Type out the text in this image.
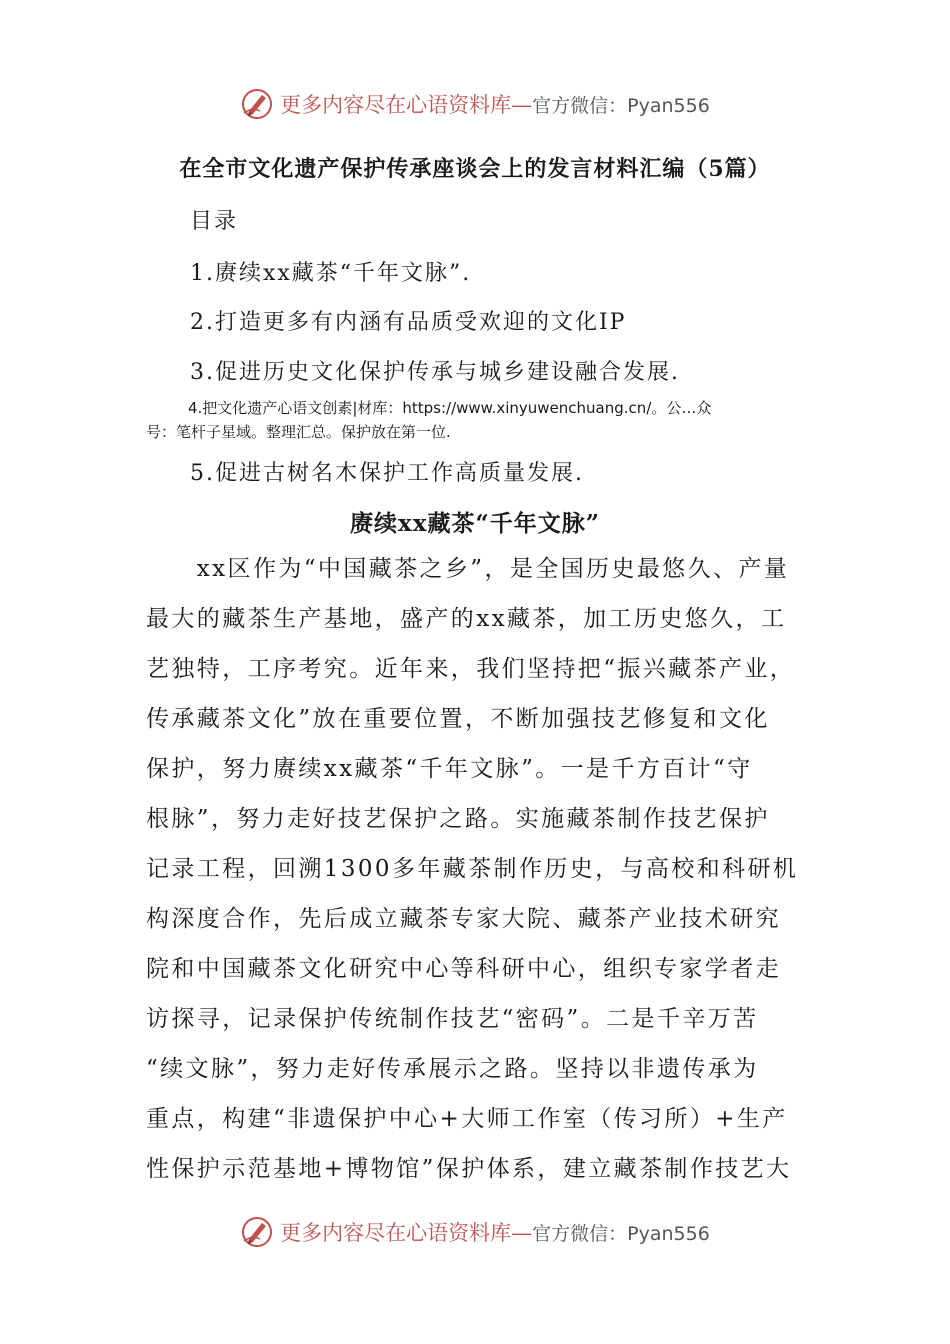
更多内容尽在心语资料库—官方微信：Pyan556
在全市文化遗产保护传承座谈会上的发言材料汇编（5篇）
目录
1.赓续xx藏茶“千年文脉”.
2.打造更多有内涵有品质受欢迎的文化IP
3.促进历史文化保护传承与城乡建设融合发展.
4.把文化遗产心语文创素|材库：https://www.xinyuwenchuang.cn/。公…众
号：笔杆子星域。整理汇总。保护放在第一位.
5.促进古树名木保护工作高质量发展.
赓续xx藏茶“千年文脉”
　　xx区作为“中国藏茶之乡”，是全国历史最悠久、产量
最大的藏茶生产基地，盛产的xx藏茶，加工历史悠久，工
艺独特，工序考究。近年来，我们坚持把“振兴藏茶产业，
传承藏茶文化”放在重要位置，不断加强技艺修复和文化
保护，努力赓续xx藏茶“千年文脉”。一是千方百计“守
根脉”，努力走好技艺保护之路。实施藏茶制作技艺保护
记录工程，回溯1300多年藏茶制作历史，与高校和科研机
构深度合作，先后成立藏茶专家大院、藏茶产业技术研究
院和中国藏茶文化研究中心等科研中心，组织专家学者走
访探寻，记录保护传统制作技艺“密码”。二是千辛万苦
“续文脉”，努力走好传承展示之路。坚持以非遗传承为
重点，构建“非遗保护中心+大师工作室（传习所）+生产
性保护示范基地+博物馆”保护体系，建立藏茶制作技艺大
更多内容尽在心语资料库—官方微信：Pyan556
